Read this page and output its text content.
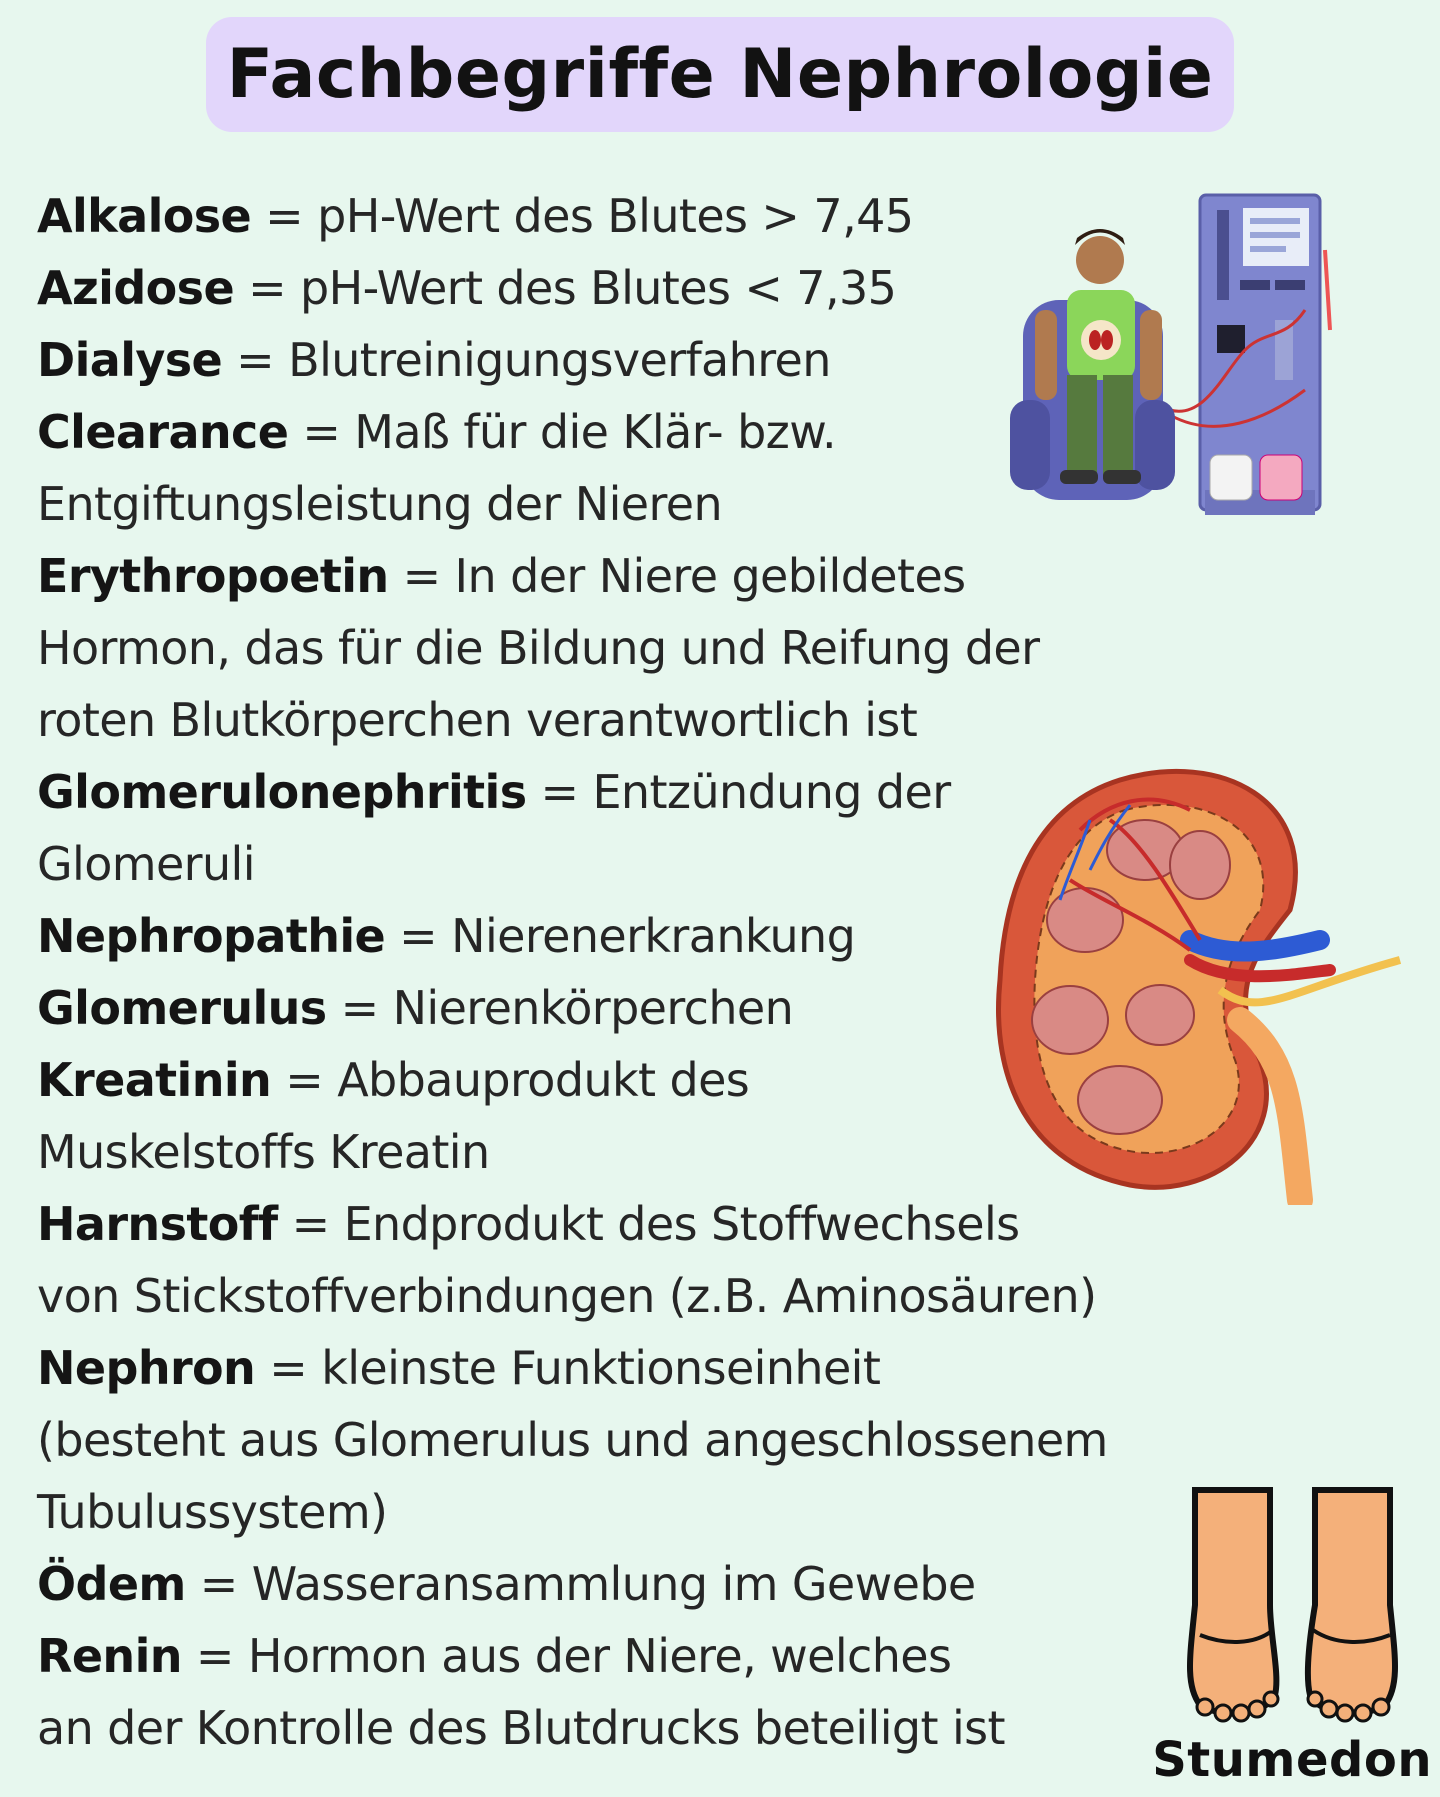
Fachbegriffe Nephrologie
Alkalose = pH-Wert des Blutes > 7,45
Azidose = pH-Wert des Blutes < 7,35
Dialyse = Blutreinigungsverfahren
Clearance = Maß für die Klär- bzw.
Entgiftungsleistung der Nieren
Erythropoetin = In der Niere gebildetes
Hormon, das für die Bildung und Reifung der
roten Blutkörperchen verantwortlich ist
Glomerulonephritis = Entzündung der
Glomeruli
Nephropathie = Nierenerkrankung
Glomerulus = Nierenkörperchen
Kreatinin = Abbauprodukt des
Muskelstoffs Kreatin
Harnstoff = Endprodukt des Stoffwechsels
von Stickstoffverbindungen (z.B. Aminosäuren)
Nephron = kleinste Funktionseinheit
(besteht aus Glomerulus und angeschlossenem
Tubulussystem)
Ödem = Wasseransammlung im Gewebe
Renin = Hormon aus der Niere, welches
an der Kontrolle des Blutdrucks beteiligt ist
Stumedon
